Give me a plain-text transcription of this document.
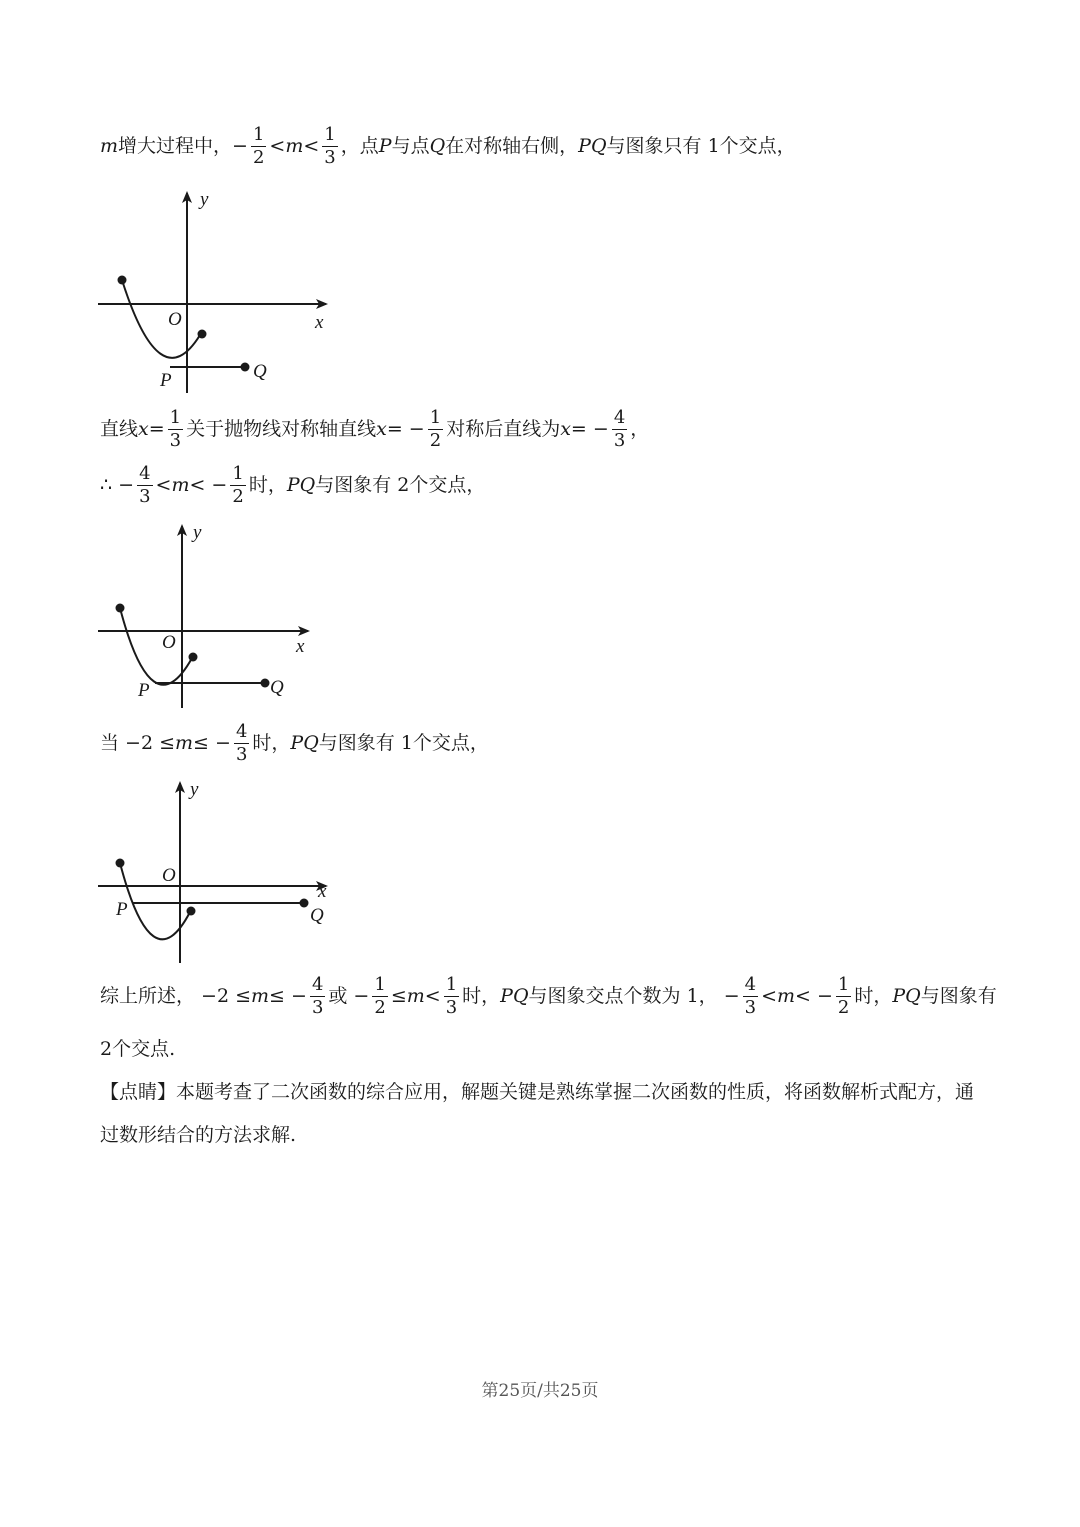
m 增大过程中， − $\frac{1}{2} < m < \frac{1}{3}$ ，点 P 与点 Q 在对称轴右侧， PQ 与图象只有 1个交点，
y
x
O
P	Q
直线 $x = \frac{1}{3}$ 关于抛物线对称轴直线 x = − $\frac{1}{2}$ 对称后直线为 x = − $\frac{4}{3}$ ，
∴ − $\frac{4}{3} < m$ < − $\frac{1}{2}$ 时， PQ 与图象有 2个交点，
y
x
O
P	Q
当 −2 ≤ m ≤ − $\frac{4}{3}$ 时， PQ 与图象有 1个交点，
y
x
O
P	Q
综上所述， −2 ≤ m ≤ − $\frac{4}{3}$ 或 − $\frac{1}{2} \le m < \frac{1}{3}$ 时， PQ 与图象交点个数为 1， − $\frac{4}{3} < m$ < − $\frac{1}{2}$ 时， PQ 与图象有
2个交点.
【点睛】本题考查了二次函数的综合应用，解题关键是熟练掌握二次函数的性质，将函数解析式配方，通
过数形结合的方法求解.
第25页/共25页
